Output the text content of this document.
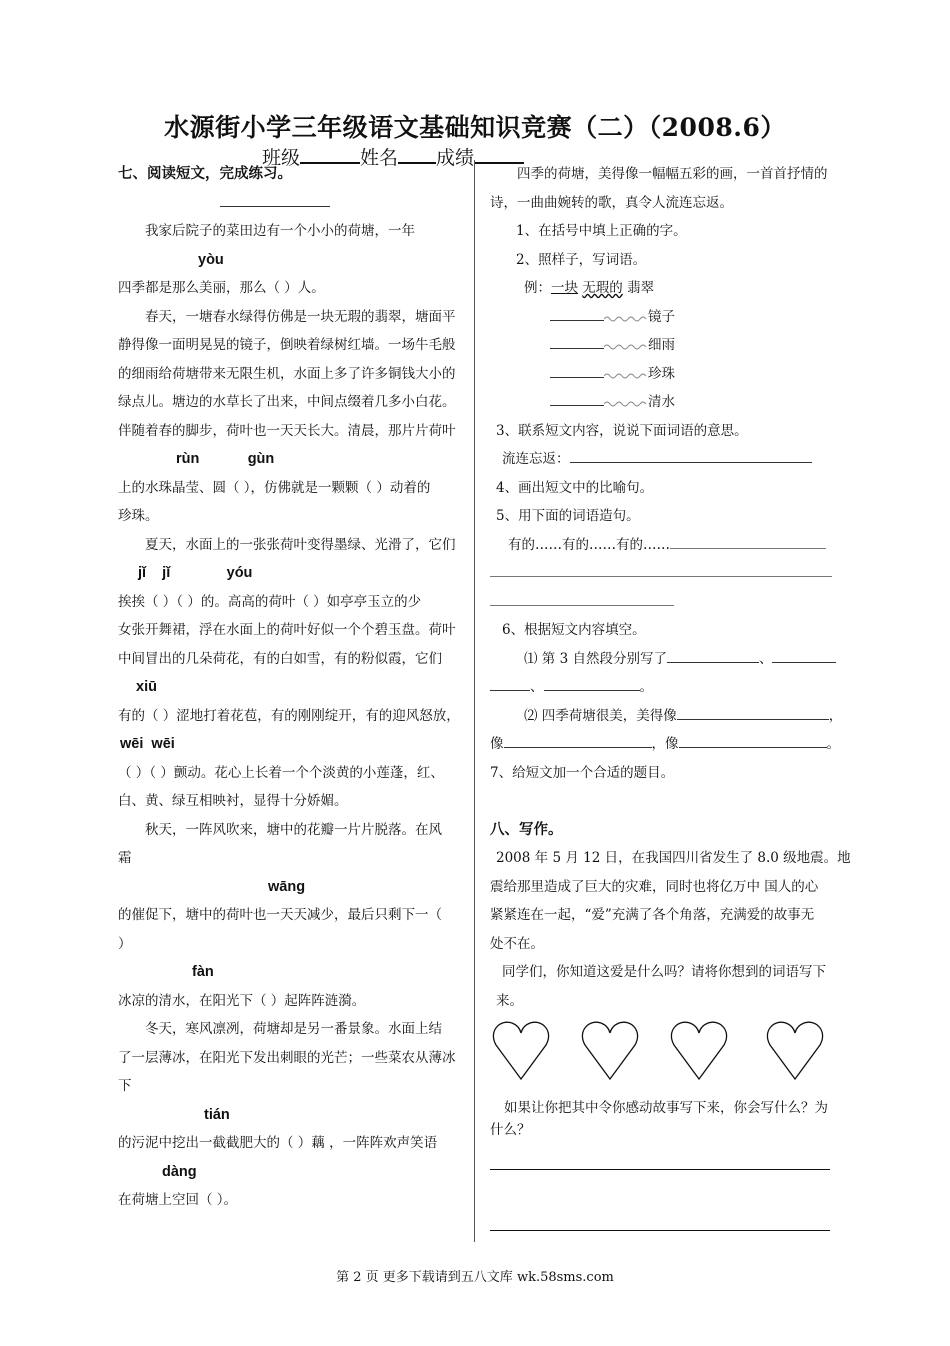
水源街小学三年级语文基础知识竞赛（二）（2008.6）
班级	姓名 成绩
七、阅读短文，完成练习。
我家后院子的菜田边有一个小小的荷塘，一年
yòu
四季都是那么美丽，那么（ ）人。
春天，一塘春水绿得仿佛是一块无瑕的翡翠，塘面平
静得像一面明晃晃的镜子，倒映着绿树红墙。一场牛毛般
的细雨给荷塘带来无限生机，水面上多了许多铜钱大小的
绿点儿。塘边的水草长了出来，中间点缀着几多小白花。
伴随着春的脚步，荷叶也一天天长大。清晨，那片片荷叶
rùn            gùn
上的水珠晶莹、圆（ ），仿佛就是一颗颗（ ）动着的
珍珠。
夏天，水面上的一张张荷叶变得墨绿、光滑了，它们
jǐ    jǐ              yóu
挨挨（ ）（ ）的。高高的荷叶（ ）如亭亭玉立的少
女张开舞裙，浮在水面上的荷叶好似一个个碧玉盘。荷叶
中间冒出的几朵荷花，有的白如雪，有的粉似霞，它们
xiū
有的（ ）涩地打着花苞，有的刚刚绽开，有的迎风怒放，
wēi  wēi
（ ）（ ）颤动。花心上长着一个个淡黄的小莲蓬，红、
白、黄、绿互相映衬，显得十分娇媚。
秋天，一阵风吹来，塘中的花瓣一片片脱落。在风
霜
wāng
的催促下，塘中的荷叶也一天天减少，最后只剩下一（
）
fàn
冰凉的清水，在阳光下（ ）起阵阵涟漪。
冬天，寒风凛冽，荷塘却是另一番景象。水面上结
了一层薄冰，在阳光下发出刺眼的光芒；一些菜农从薄冰
下
tián
的污泥中挖出一截截肥大的（ ）藕 ，一阵阵欢声笑语
dàng
在荷塘上空回（ ）。
四季的荷塘，美得像一幅幅五彩的画，一首首抒情的
诗，一曲曲婉转的歌，真令人流连忘返。
1、在括号中填上正确的字。
2、照样子，写词语。
例：一块 无瑕的 翡翠
镜子
细雨
珍珠
清水
3、联系短文内容，说说下面词语的意思。
流连忘返：
4、画出短文中的比喻句。
5、用下面的词语造句。
有的……有的……有的……
6、根据短文内容填空。
⑴ 第 3 自然段分别写了	、
、	。
⑵ 四季荷塘很美，美得像	，
像	，像	。
7、给短文加一个合适的题目。
八、写作。
2008 年 5 月 12 日，在我国四川省发生了 8.0 级地震。地
震给那里造成了巨大的灾难，同时也将亿万中 国人的心
紧紧连在一起，“爱”充满了各个角落，充满爱的故事无
处不在。
同学们，你知道这爱是什么吗？请将你想到的词语写下
来。
如果让你把其中令你感动故事写下来，你会写什么？为
什么？
第 2 页 更多下载请到五八文库 wk.58sms.com
